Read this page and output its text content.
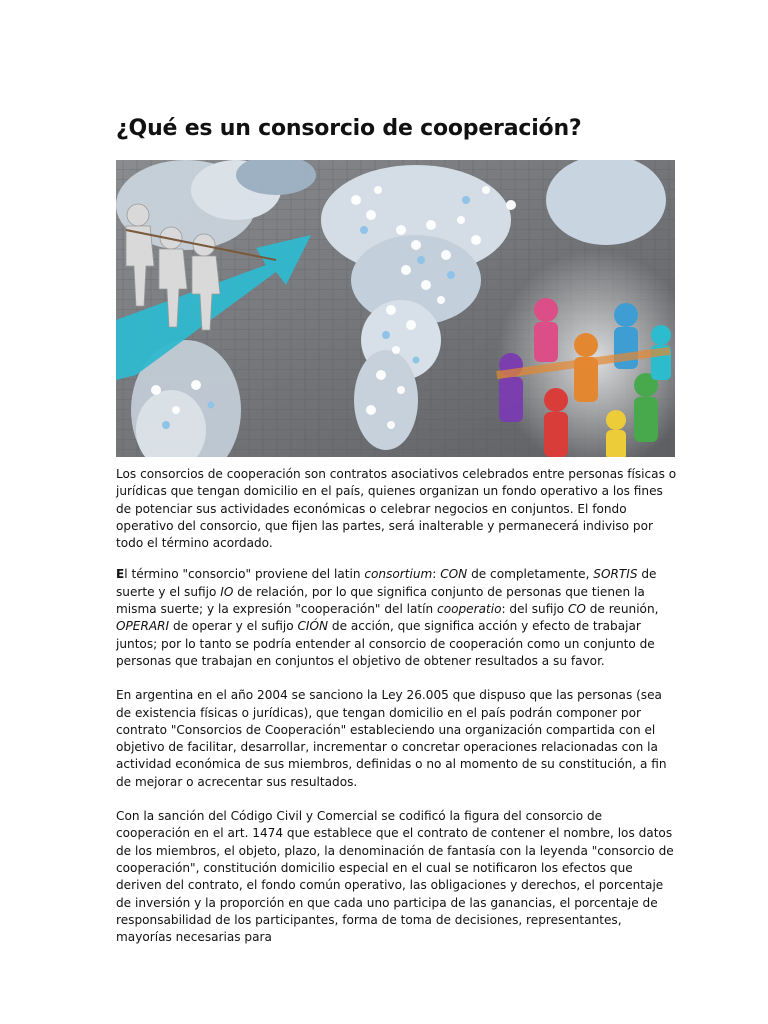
¿Qué es un consorcio de cooperación?

Los consorcios de cooperación son contratos asociativos celebrados entre personas físicas o jurídicas que tengan domicilio en el país, quienes organizan un fondo operativo a los fines de potenciar sus actividades económicas o celebrar negocios en conjuntos. El fondo operativo del consorcio, que fijen las partes, será inalterable y permanecerá indiviso por todo el término acordado.

El término "consorcio" proviene del latin consortium: CON de completamente, SORTIS de suerte y el sufijo IO de relación, por lo que significa conjunto de personas que tienen la misma suerte; y la expresión "cooperación" del latín cooperatio: del sufijo CO de reunión, OPERARI de operar y el sufijo CIÓN de acción, que significa acción y efecto de trabajar juntos; por lo tanto se podría entender al consorcio de cooperación como un conjunto de personas que trabajan en conjuntos el objetivo de obtener resultados a su favor.

En argentina en el año 2004 se sanciono la Ley 26.005 que dispuso que las personas (sea de existencia físicas o jurídicas), que tengan domicilio en el país podrán componer por contrato "Consorcios de Cooperación" estableciendo una organización compartida con el objetivo de facilitar, desarrollar, incrementar o concretar operaciones relacionadas con la actividad económica de sus miembros, definidas o no al momento de su constitución, a fin de mejorar o acrecentar sus resultados.

Con la sanción del Código Civil y Comercial se codificó la figura del consorcio de cooperación en el art. 1474 que establece que el contrato de contener el nombre, los datos de los miembros, el objeto, plazo, la denominación de fantasía con la leyenda "consorcio de cooperación", constitución domicilio especial en el cual se notificaron los efectos que deriven del contrato, el fondo común operativo, las obligaciones y derechos, el porcentaje de inversión y la proporción en que cada uno participa de las ganancias, el porcentaje de responsabilidad de los participantes, forma de toma de decisiones, representantes, mayorías necesarias para
